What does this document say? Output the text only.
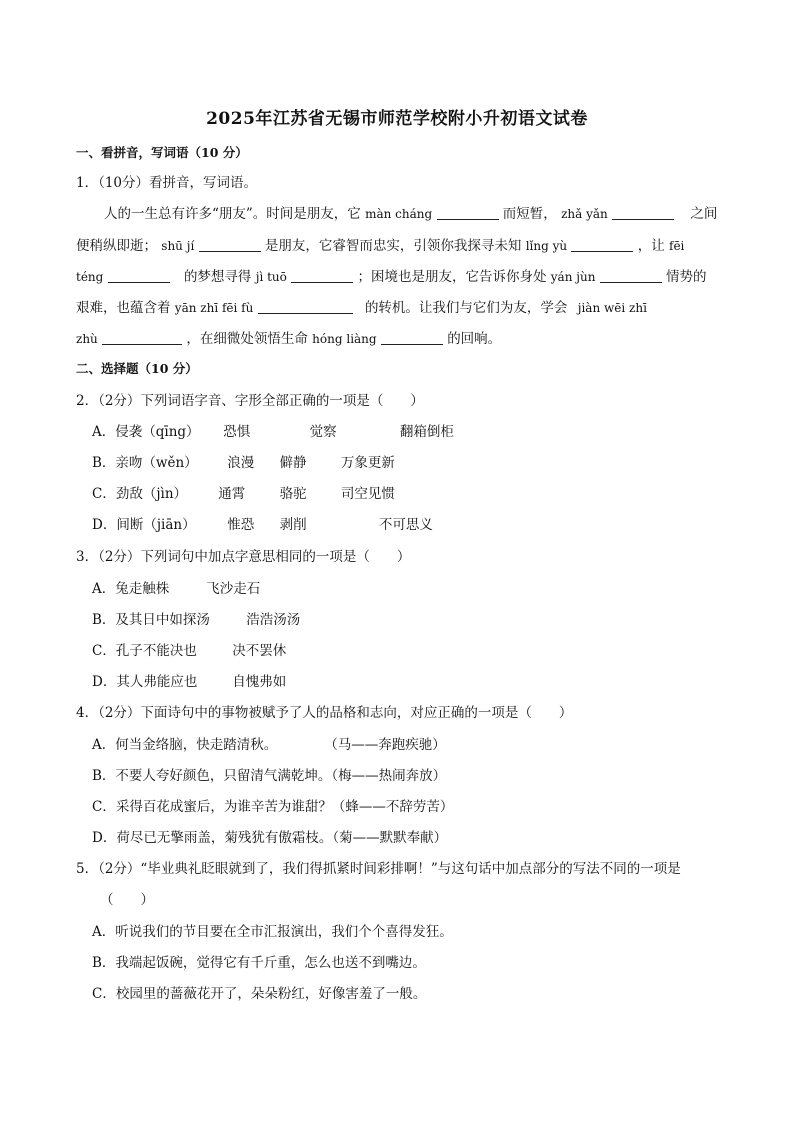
2025年江苏省无锡市师范学校附小升初语文试卷
一、看拼音，写词语（10 分）
1．（10分）看拼音，写词语。
人的一生总有许多“朋友”。时间是朋友，它 màn cháng	而短暂， zhǎ yǎn	之间
便稍纵即逝； shū jí	是朋友，它睿智而忠实，引领你我探寻未知 lǐng yù	，让 fēi
téng	的梦想寻得 jì tuō	；困境也是朋友，它告诉你身处 yán jùn	情势的
艰难，也蕴含着 yān zhī fēi fù	的转机。让我们与它们为友，学会 jiàn wēi zhī
zhù	，在细微处领悟生命 hóng liàng	的回响。
二、选择题（10 分）
2．（2分）下列词语字音、字形全部正确的一项是（　　）
A．侵袭（qīng） 恐惧	觉察	翻箱倒柜
B．亲吻（wěn） 浪漫 僻静	万象更新
C．劲敌（jìn） 通霄	骆驼	司空见惯
D．间断（jiān） 惟恐 剥削	不可思义
3．（2分）下列词句中加点字意思相同的一项是（　　）
A．兔走触株	飞沙走石
B．及其日中如探汤	浩浩汤汤
C．孔子不能决也	决不罢休
D．其人弗能应也	自愧弗如
4．（2分）下面诗句中的事物被赋予了人的品格和志向，对应正确的一项是（　　）
A．何当金络脑，快走踏清秋。	（马——奔跑疾驰）
B．不要人夸好颜色，只留清气满乾坤。（梅——热闹奔放）
C．采得百花成蜜后，为谁辛苦为谁甜？（蜂——不辞劳苦）
D．荷尽已无擎雨盖，菊残犹有傲霜枝。（菊——默默奉献）
5．（2分）“毕业典礼眨眼就到了，我们得抓紧时间彩排啊！”与这句话中加点部分的写法不同的一项是
（　　）
A．听说我们的节目要在全市汇报演出，我们个个喜得发狂。
B．我端起饭碗，觉得它有千斤重，怎么也送不到嘴边。
C．校园里的蔷薇花开了，朵朵粉红，好像害羞了一般。
